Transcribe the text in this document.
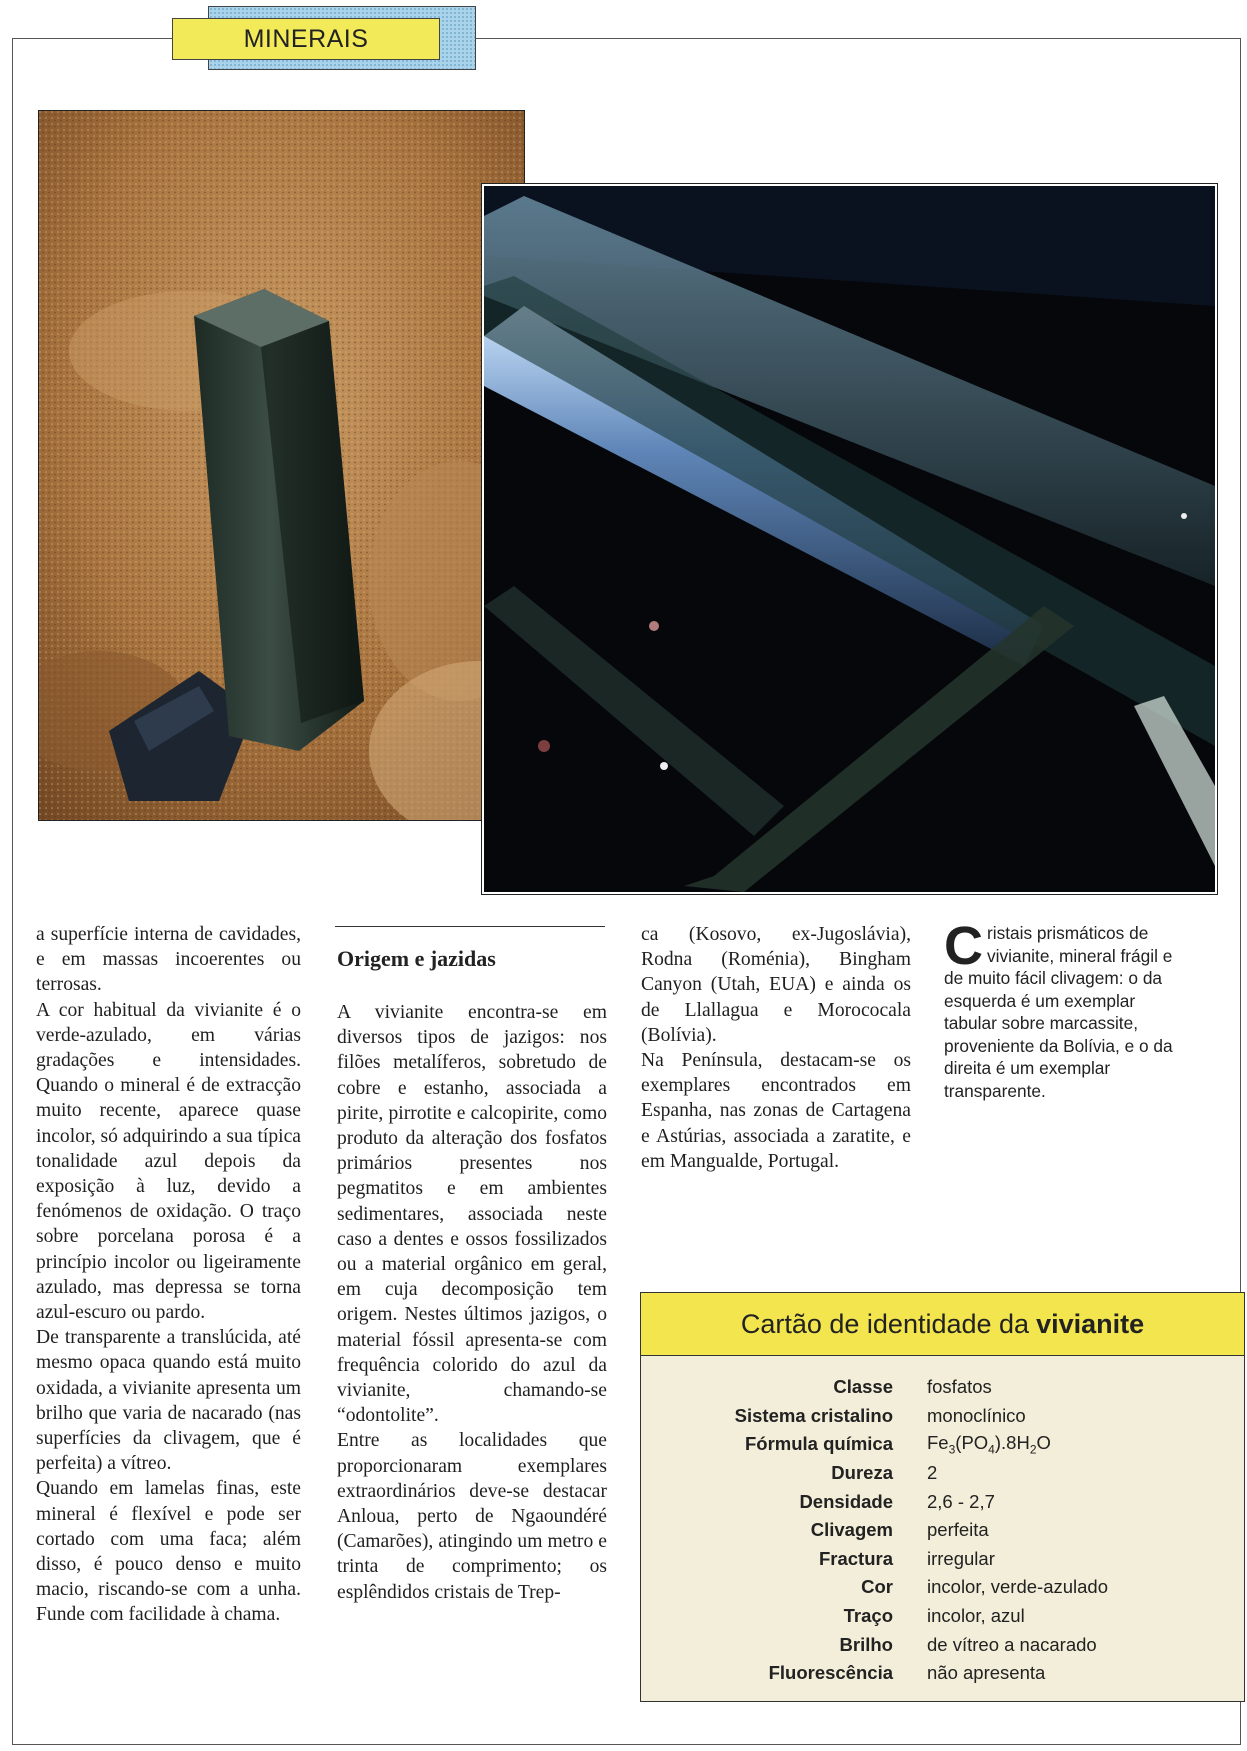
MINERAIS

a superfície interna de cavidades, e em massas incoerentes ou terrosas.

A cor habitual da vivianite é o verde-azulado, em várias gradações e intensidades. Quando o mineral é de extracção muito recente, aparece quase incolor, só adquirindo a sua típica tonalidade azul depois da exposição à luz, devido a fenómenos de oxidação. O traço sobre porcelana porosa é a princípio incolor ou ligeiramente azulado, mas depressa se torna azul-escuro ou pardo.

De transparente a translúcida, até mesmo opaca quando está muito oxidada, a vivianite apresenta um brilho que varia de nacarado (nas superfícies da clivagem, que é perfeita) a vítreo.

Quando em lamelas finas, este mineral é flexível e pode ser cortado com uma faca; além disso, é pouco denso e muito macio, riscando-se com a unha. Funde com facilidade à chama.

Origem e jazidas

A vivianite encontra-se em diversos tipos de jazigos: nos filões metalíferos, sobretudo de cobre e estanho, associada a pirite, pirrotite e calcopirite, como produto da alteração dos fosfatos primários presentes nos pegmatitos e em ambientes sedimentares, associada neste caso a dentes e ossos fossilizados ou a material orgânico em geral, em cuja decomposição tem origem. Nestes últimos jazigos, o material fóssil apresenta-se com frequência colorido do azul da vivianite, chamando-se “odontolite”.

Entre as localidades que proporcionaram exemplares extraordinários deve-se destacar Anloua, perto de Ngaoundéré (Camarões), atingindo um metro e trinta de comprimento; os esplêndidos cristais de Trep-

ca (Kosovo, ex-Jugoslávia), Rodna (Roménia), Bingham Canyon (Utah, EUA) e ainda os de Llallagua e Morococala (Bolívia).

Na Península, destacam-se os exemplares encontrados em Espanha, nas zonas de Cartagena e Astúrias, associada a zaratite, e em Mangualde, Portugal.

Cristais prismáticos de vivianite, mineral frágil e de muito fácil clivagem: o da esquerda é um exemplar tabular sobre marcassite, proveniente da Bolívia, e o da direita é um exemplar transparente.
Cartão de identidade da vivianite
Classe	fosfatos
Sistema cristalino	monoclínico
Fórmula química	$Fe_3(PO_4).8H_2O$
Dureza	2
Densidade	2,6 - 2,7
Clivagem	perfeita
Fractura	irregular
Cor	incolor, verde-azulado
Traço	incolor, azul
Brilho	de vítreo a nacarado
Fluorescência	não apresenta
